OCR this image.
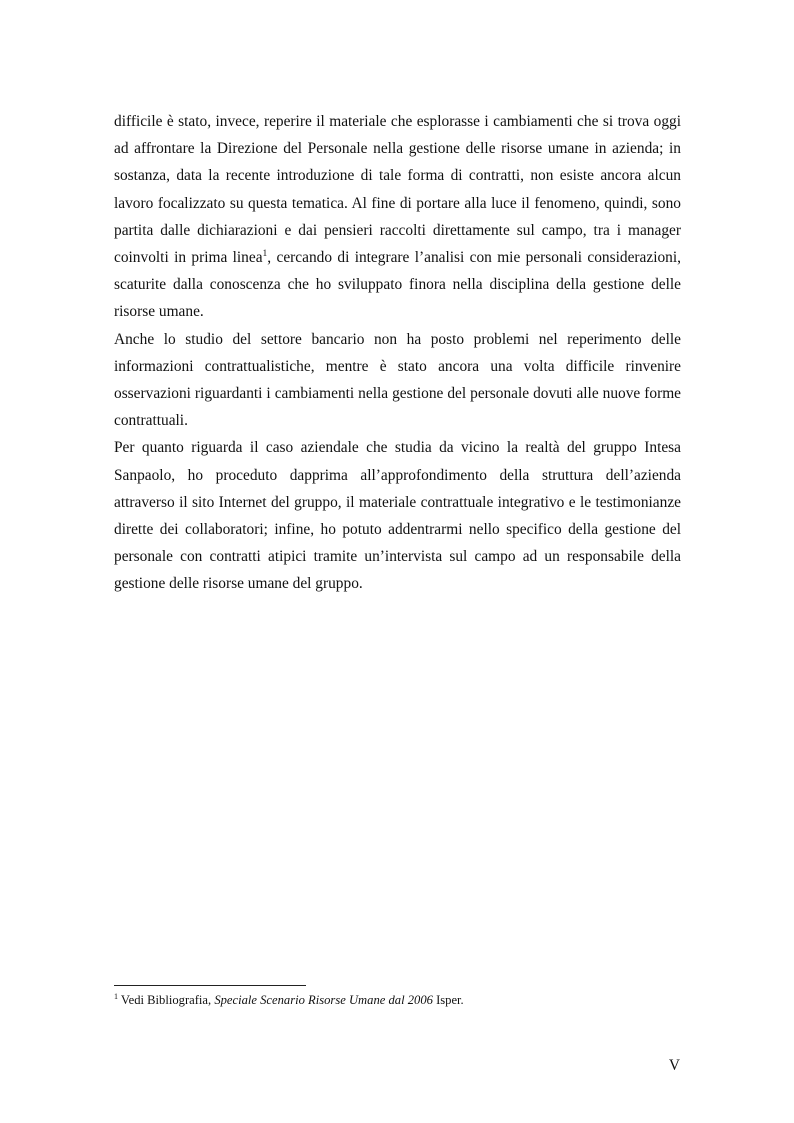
difficile è stato, invece, reperire il materiale che esplorasse i cambiamenti che si trova oggi ad affrontare la Direzione del Personale nella gestione delle risorse umane in azienda; in sostanza, data la recente introduzione di tale forma di contratti, non esiste ancora alcun lavoro focalizzato su questa tematica. Al fine di portare alla luce il fenomeno, quindi, sono partita dalle dichiarazioni e dai pensieri raccolti direttamente sul campo, tra i manager coinvolti in prima linea$^1$, cercando di integrare l’analisi con mie personali considerazioni, scaturite dalla conoscenza che ho sviluppato finora nella disciplina della gestione delle risorse umane.

Anche lo studio del settore bancario non ha posto problemi nel reperimento delle informazioni contrattualistiche, mentre è stato ancora una volta difficile rinvenire osservazioni riguardanti i cambiamenti nella gestione del personale dovuti alle nuove forme contrattuali.

Per quanto riguarda il caso aziendale che studia da vicino la realtà del gruppo Intesa Sanpaolo, ho proceduto dapprima all’approfondimento della struttura dell’azienda attraverso il sito Internet del gruppo, il materiale contrattuale integrativo e le testimonianze dirette dei collaboratori; infine, ho potuto addentrarmi nello specifico della gestione del personale con contratti atipici tramite un’intervista sul campo ad un responsabile della gestione delle risorse umane del gruppo.

$^1$ Vedi Bibliografia, Speciale Scenario Risorse Umane dal 2006 Isper.
V
